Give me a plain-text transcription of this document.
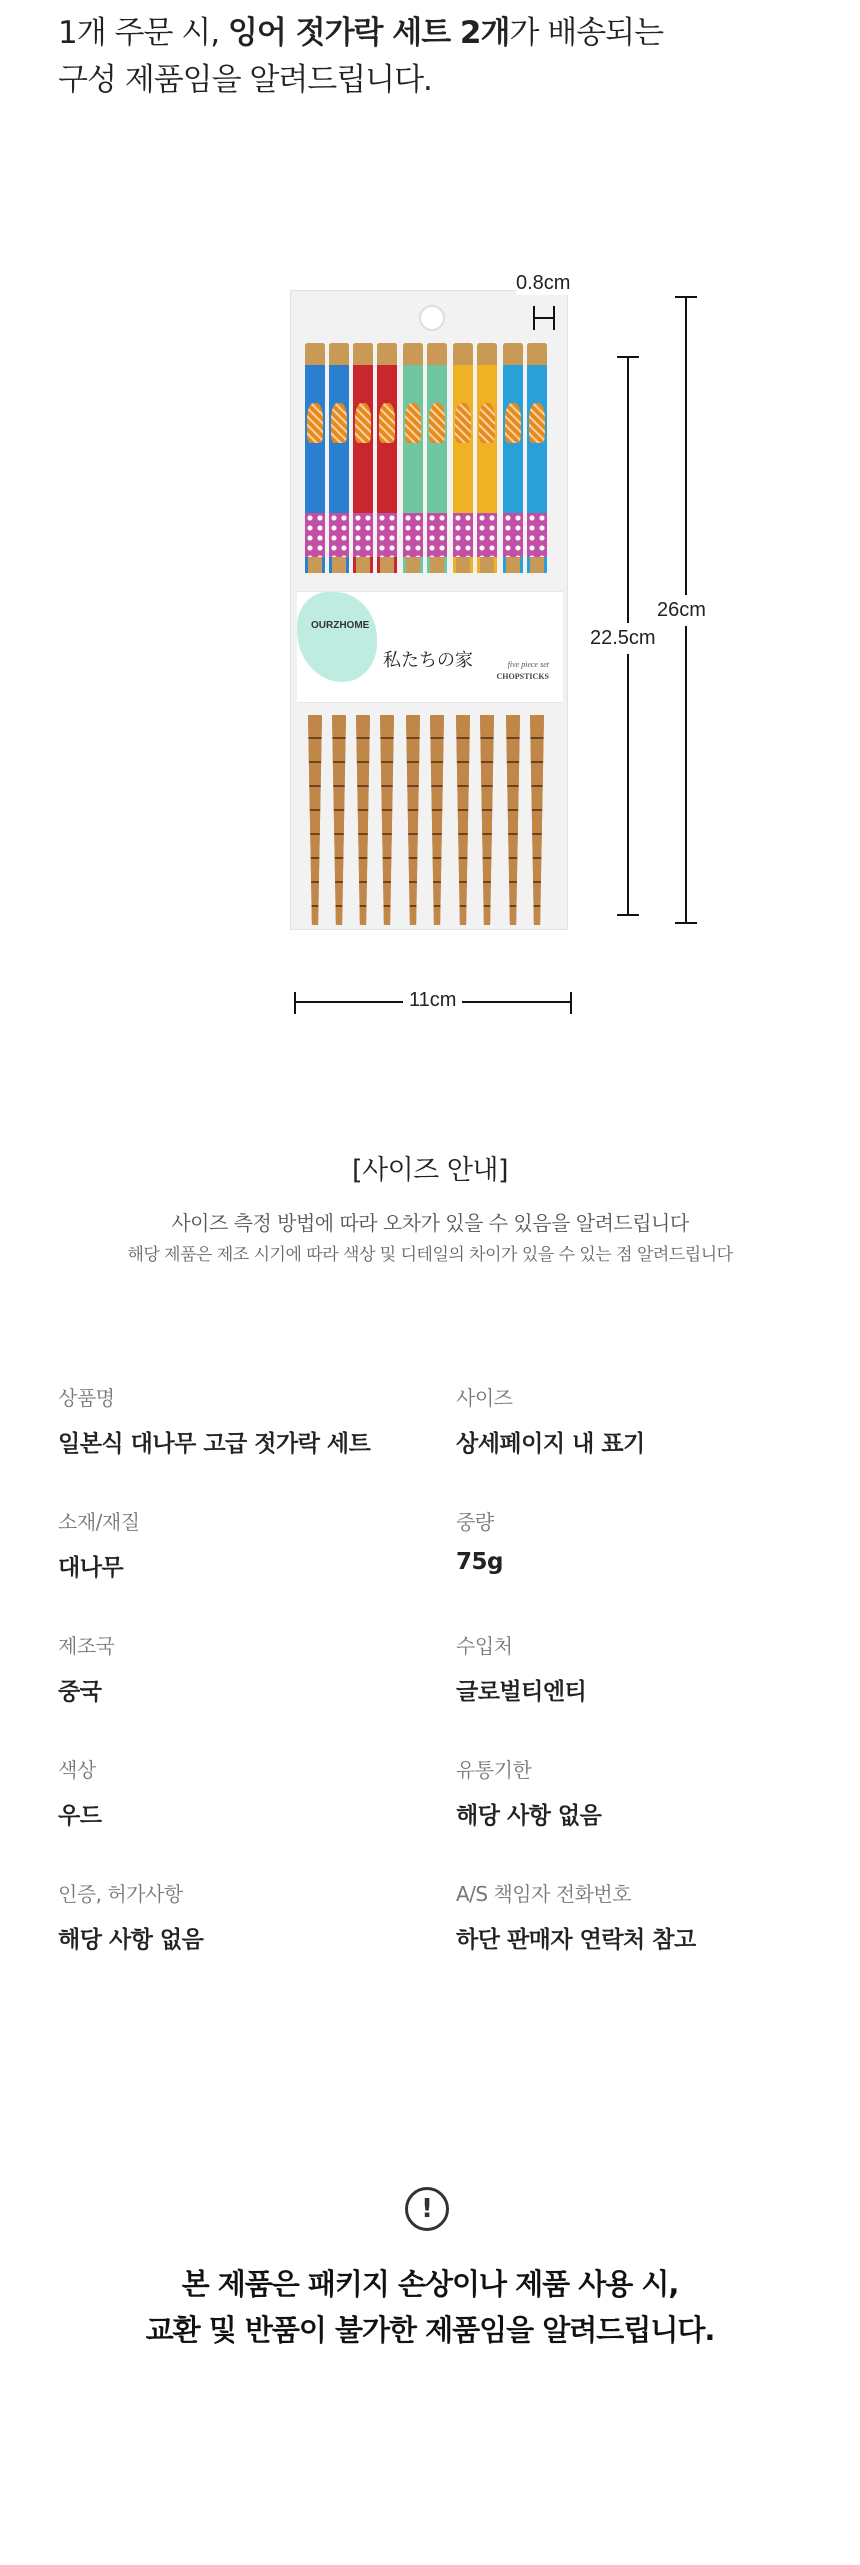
1개 주문 시, 잉어 젓가락 세트 2개가 배송되는
구성 제품임을 알려드립니다.
OURZHOME
私たちの家	five piece set
CHOPSTICKS
0.8cm
22.5cm
26cm
11cm
[사이즈 안내]
사이즈 측정 방법에 따라 오차가 있을 수 있음을 알려드립니다
해당 제품은 제조 시기에 따라 색상 및 디테일의 차이가 있을 수 있는 점 알려드립니다
상품명
일본식 대나무 고급 젓가락 세트
사이즈
상세페이지 내 표기
소재/재질
대나무
중량
75g
제조국
중국
수입처
글로벌티엔티
색상
우드
유통기한
해당 사항 없음
인증, 허가사항
해당 사항 없음
A/S 책임자 전화번호
하단 판매자 연락처 참고
!
본 제품은 패키지 손상이나 제품 사용 시,
교환 및 반품이 불가한 제품임을 알려드립니다.
